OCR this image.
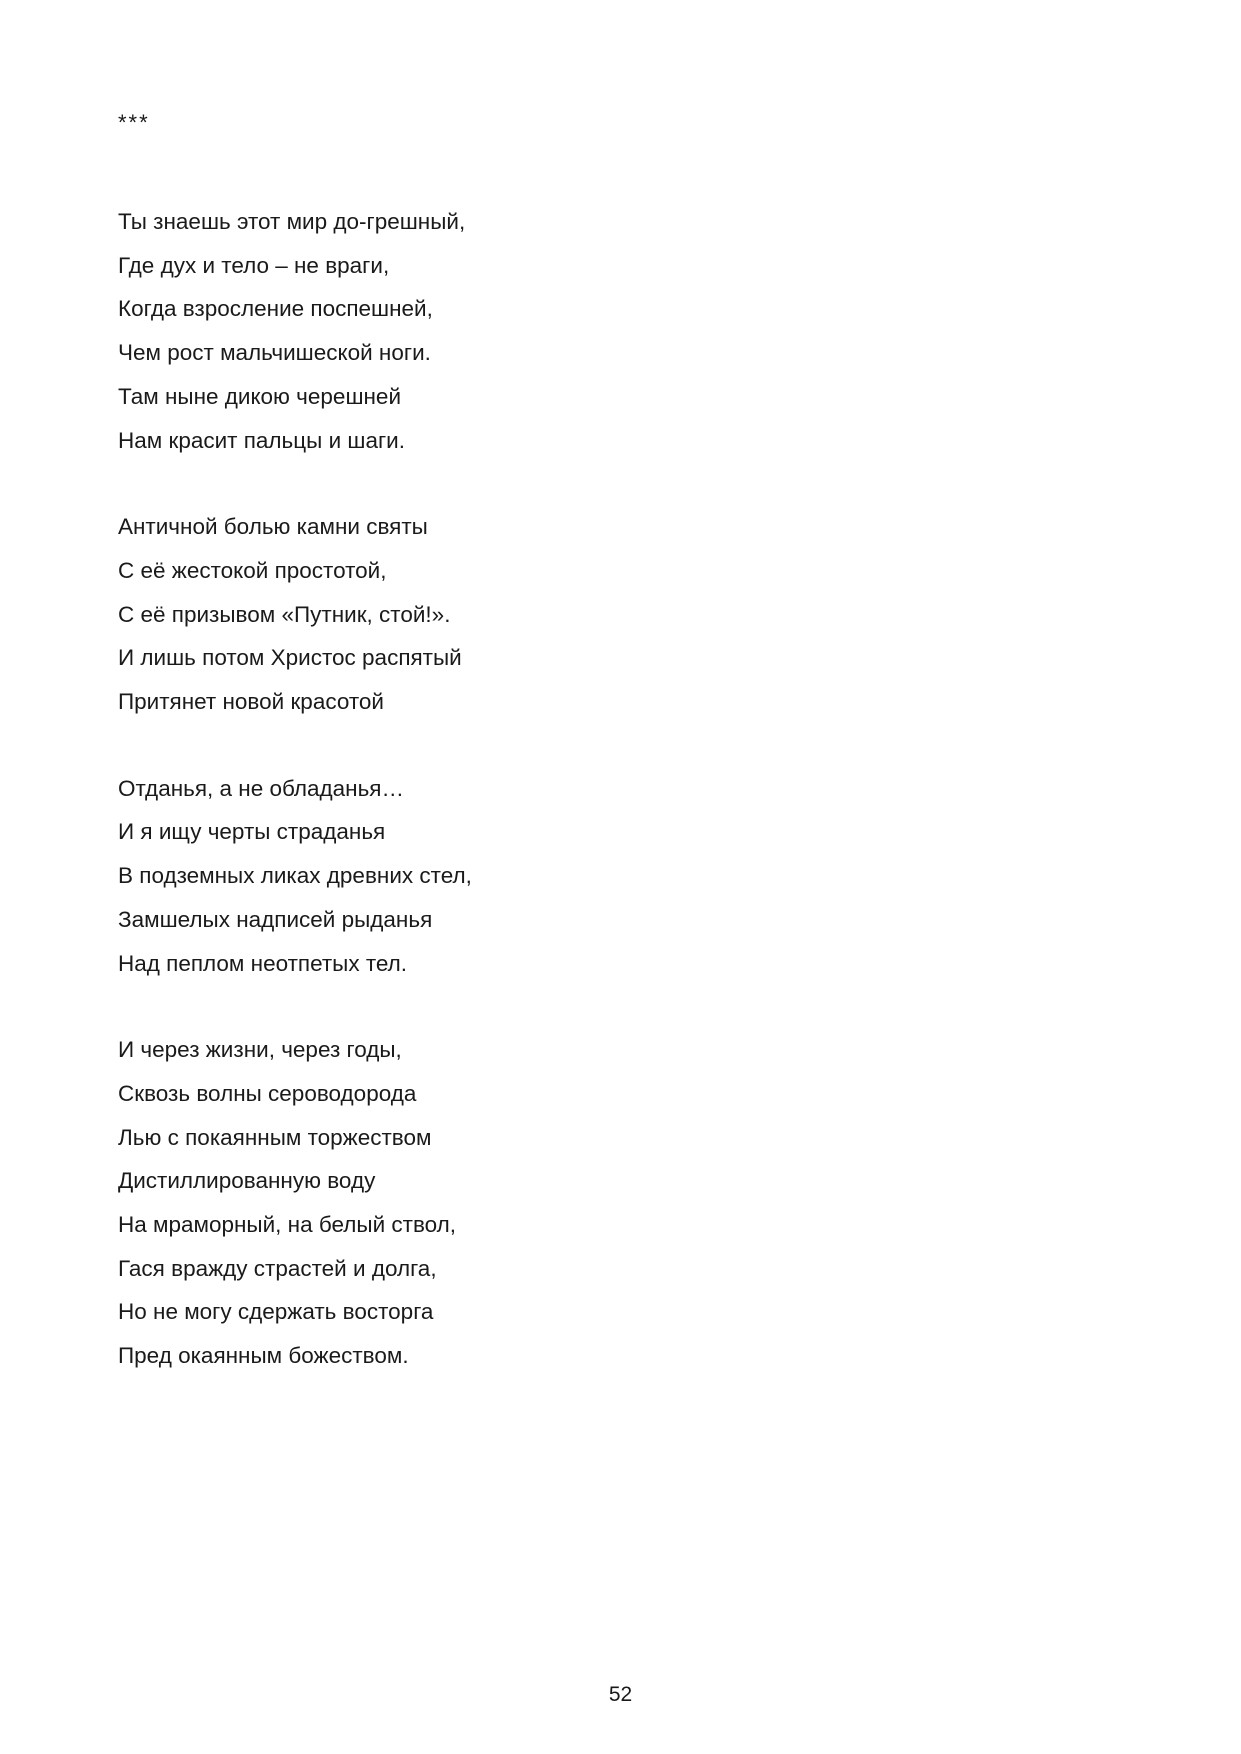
***
Ты знаешь этот мир до-грешный,
Где дух и тело – не враги,
Когда взросление поспешней,
Чем рост мальчишеской ноги.
Там ныне дикою черешней
Нам красит пальцы и шаги.
Античной болью камни святы
С её жестокой простотой,
С её призывом «Путник, стой!».
И лишь потом Христос распятый
Притянет новой красотой
Отданья, а не обладанья…
И я ищу черты страданья
В подземных ликах древних стел,
Замшелых надписей рыданья
Над пеплом неотпетых тел.
И через жизни, через годы,
Сквозь волны сероводорода
Лью с покаянным торжеством
Дистиллированную воду
На мраморный, на белый ствол,
Гася вражду страстей и долга,
Но не могу сдержать восторга
Пред окаянным божеством.
52
